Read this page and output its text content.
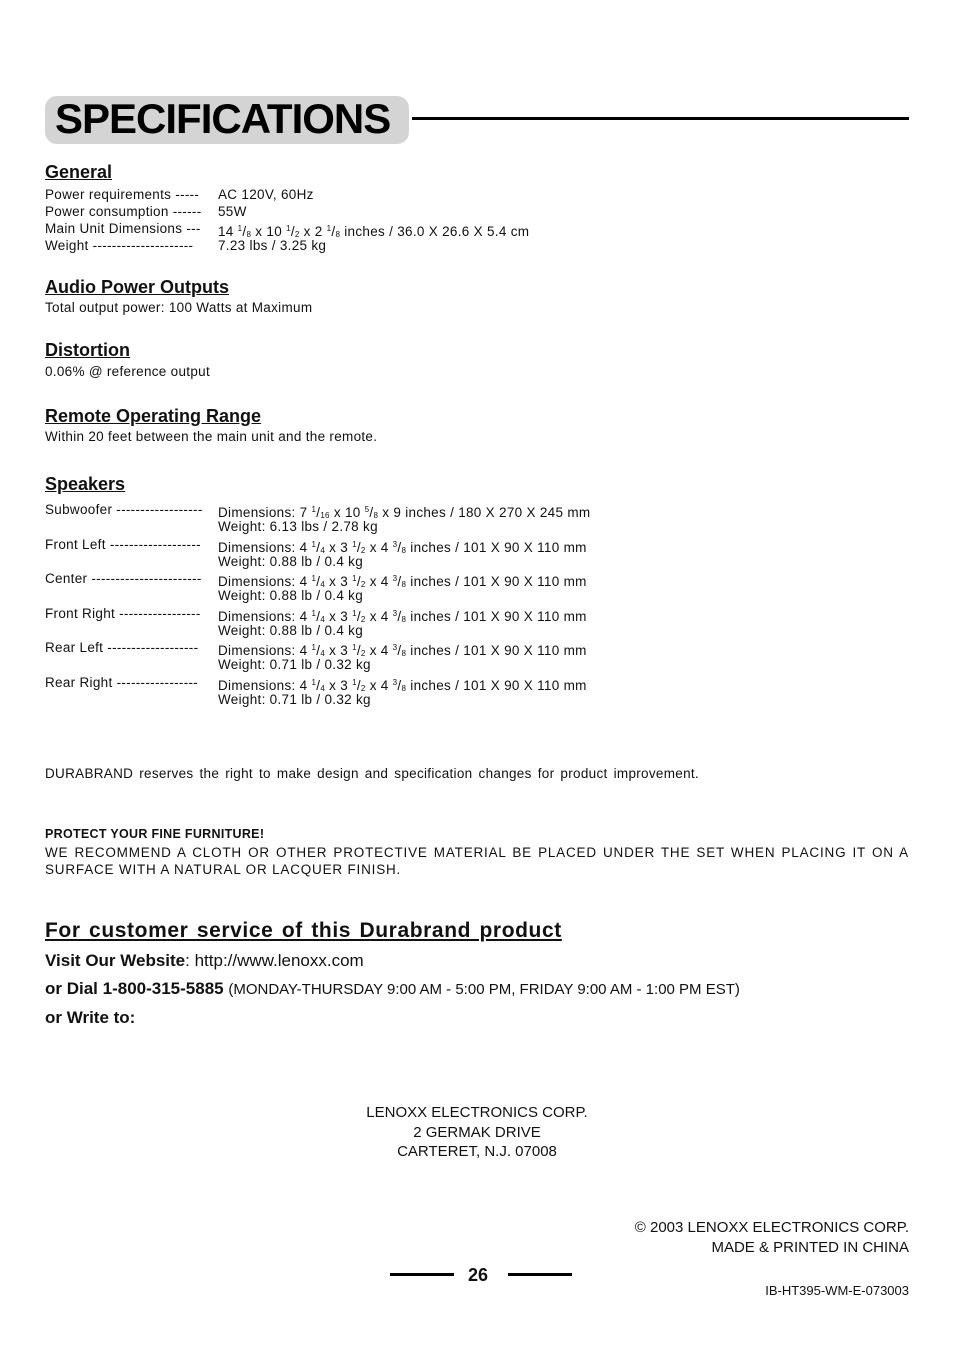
SPECIFICATIONS
General
Power requirements ----- AC 120V, 60Hz
Power consumption ------ 55W
Main Unit Dimensions --- 14 $^1/_8$ x 10 $^1/_2$ x 2 $^1/_8$ inches / 36.0 X 26.6 X 5.4 cm
Weight --------------------- 7.23 lbs / 3.25 kg
Audio Power Outputs
Total output power: 100 Watts at Maximum
Distortion
0.06% @ reference output
Remote Operating Range
Within 20 feet between the main unit and the remote.
Speakers
Subwoofer ------------------ Dimensions: 7 $^1/_{16}$ x 10 $^5/_8$ x 9 inches / 180 X 270 X 245 mm
Weight: 6.13 lbs / 2.78 kg
Front Left ------------------- Dimensions: 4 $^1/_4$ x 3 $^1/_2$ x 4 $^3/_8$ inches / 101 X 90 X 110 mm
Weight: 0.88 lb / 0.4 kg
Center ----------------------- Dimensions: 4 $^1/_4$ x 3 $^1/_2$ x 4 $^3/_8$ inches / 101 X 90 X 110 mm
Weight: 0.88 lb / 0.4 kg
Front Right ----------------- Dimensions: 4 $^1/_4$ x 3 $^1/_2$ x 4 $^3/_8$ inches / 101 X 90 X 110 mm
Weight: 0.88 lb / 0.4 kg
Rear Left ------------------- Dimensions: 4 $^1/_4$ x 3 $^1/_2$ x 4 $^3/_8$ inches / 101 X 90 X 110 mm
Weight: 0.71 lb / 0.32 kg
Rear Right ----------------- Dimensions: 4 $^1/_4$ x 3 $^1/_2$ x 4 $^3/_8$ inches / 101 X 90 X 110 mm
Weight: 0.71 lb / 0.32 kg
DURABRAND reserves the right to make design and specification changes for product improvement.
PROTECT YOUR FINE FURNITURE!
WE RECOMMEND A CLOTH OR OTHER PROTECTIVE MATERIAL BE PLACED UNDER THE SET WHEN PLACING IT ON A SURFACE WITH A NATURAL OR LACQUER FINISH.
For customer service of this Durabrand product
Visit Our Website: http://www.lenoxx.com
or Dial 1-800-315-5885 (MONDAY-THURSDAY 9:00 AM - 5:00 PM, FRIDAY 9:00 AM - 1:00 PM EST)
or Write to:
LENOXX ELECTRONICS CORP.
2 GERMAK DRIVE
CARTERET, N.J. 07008
© 2003 LENOXX ELECTRONICS CORP.
MADE & PRINTED IN CHINA
26
IB-HT395-WM-E-073003
